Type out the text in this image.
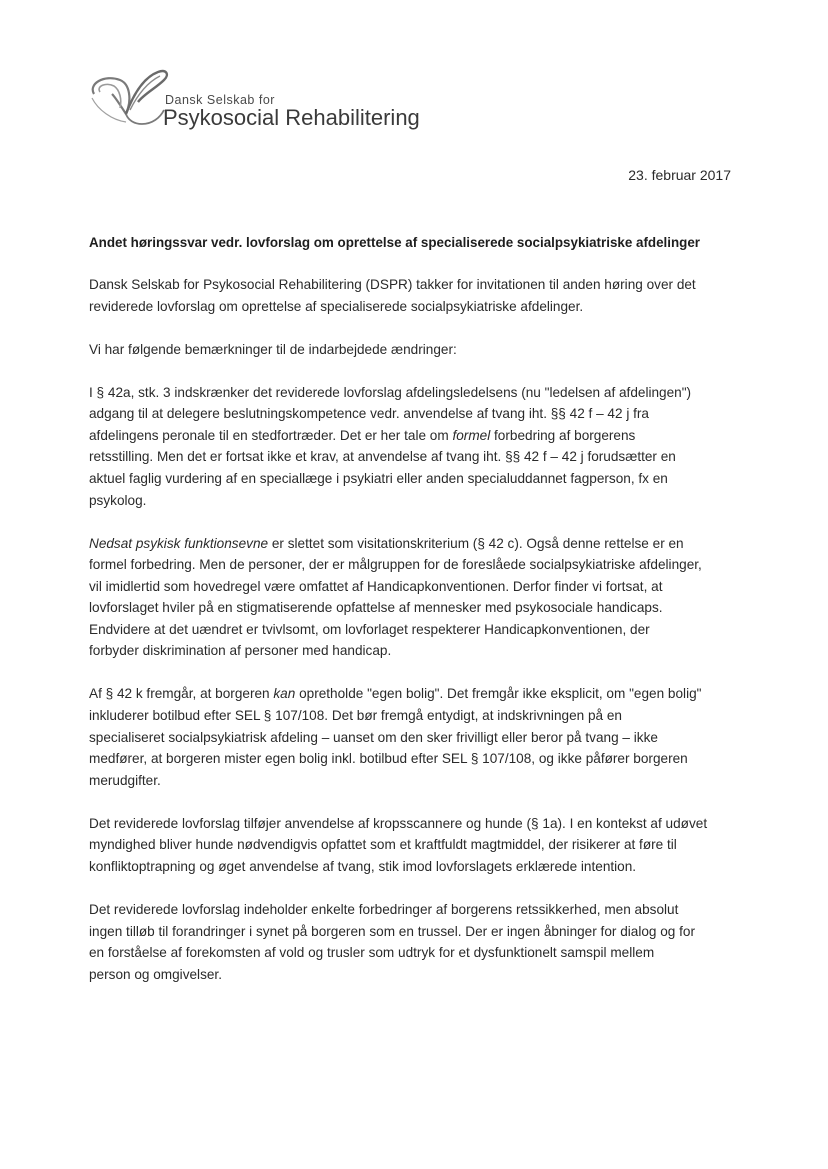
Dansk Selskab for
Psykosocial Rehabilitering
23. februar 2017
Andet høringssvar vedr. lovforslag om oprettelse af specialiserede socialpsykiatriske afdelinger

Dansk Selskab for Psykosocial Rehabilitering (DSPR) takker for invitationen til anden høring over det
reviderede lovforslag om oprettelse af specialiserede socialpsykiatriske afdelinger.

Vi har følgende bemærkninger til de indarbejdede ændringer:

I § 42a, stk. 3 indskrænker det reviderede lovforslag afdelingsledelsens (nu "ledelsen af afdelingen")
adgang til at delegere beslutningskompetence vedr. anvendelse af tvang iht. §§ 42 f – 42 j fra
afdelingens peronale til en stedfortræder. Det er her tale om formel forbedring af borgerens
retsstilling. Men det er fortsat ikke et krav, at anvendelse af tvang iht. §§ 42 f – 42 j forudsætter en
aktuel faglig vurdering af en speciallæge i psykiatri eller anden specialuddannet fagperson, fx en
psykolog.

Nedsat psykisk funktionsevne er slettet som visitationskriterium (§ 42 c). Også denne rettelse er en
formel forbedring. Men de personer, der er målgruppen for de foreslåede socialpsykiatriske afdelinger,
vil imidlertid som hovedregel være omfattet af Handicapkonventionen. Derfor finder vi fortsat, at
lovforslaget hviler på en stigmatiserende opfattelse af mennesker med psykosociale handicaps.
Endvidere at det uændret er tvivlsomt, om lovforlaget respekterer Handicapkonventionen, der
forbyder diskrimination af personer med handicap.

Af § 42 k fremgår, at borgeren kan opretholde "egen bolig". Det fremgår ikke eksplicit, om "egen bolig"
inkluderer botilbud efter SEL § 107/108. Det bør fremgå entydigt, at indskrivningen på en
specialiseret socialpsykiatrisk afdeling – uanset om den sker frivilligt eller beror på tvang – ikke
medfører, at borgeren mister egen bolig inkl. botilbud efter SEL § 107/108, og ikke påfører borgeren
merudgifter.

Det reviderede lovforslag tilføjer anvendelse af kropsscannere og hunde (§ 1a). I en kontekst af udøvet
myndighed bliver hunde nødvendigvis opfattet som et kraftfuldt magtmiddel, der risikerer at føre til
konfliktoptrapning og øget anvendelse af tvang, stik imod lovforslagets erklærede intention.

Det reviderede lovforslag indeholder enkelte forbedringer af borgerens retssikkerhed, men absolut
ingen tilløb til forandringer i synet på borgeren som en trussel. Der er ingen åbninger for dialog og for
en forståelse af forekomsten af vold og trusler som udtryk for et dysfunktionelt samspil mellem
person og omgivelser.
